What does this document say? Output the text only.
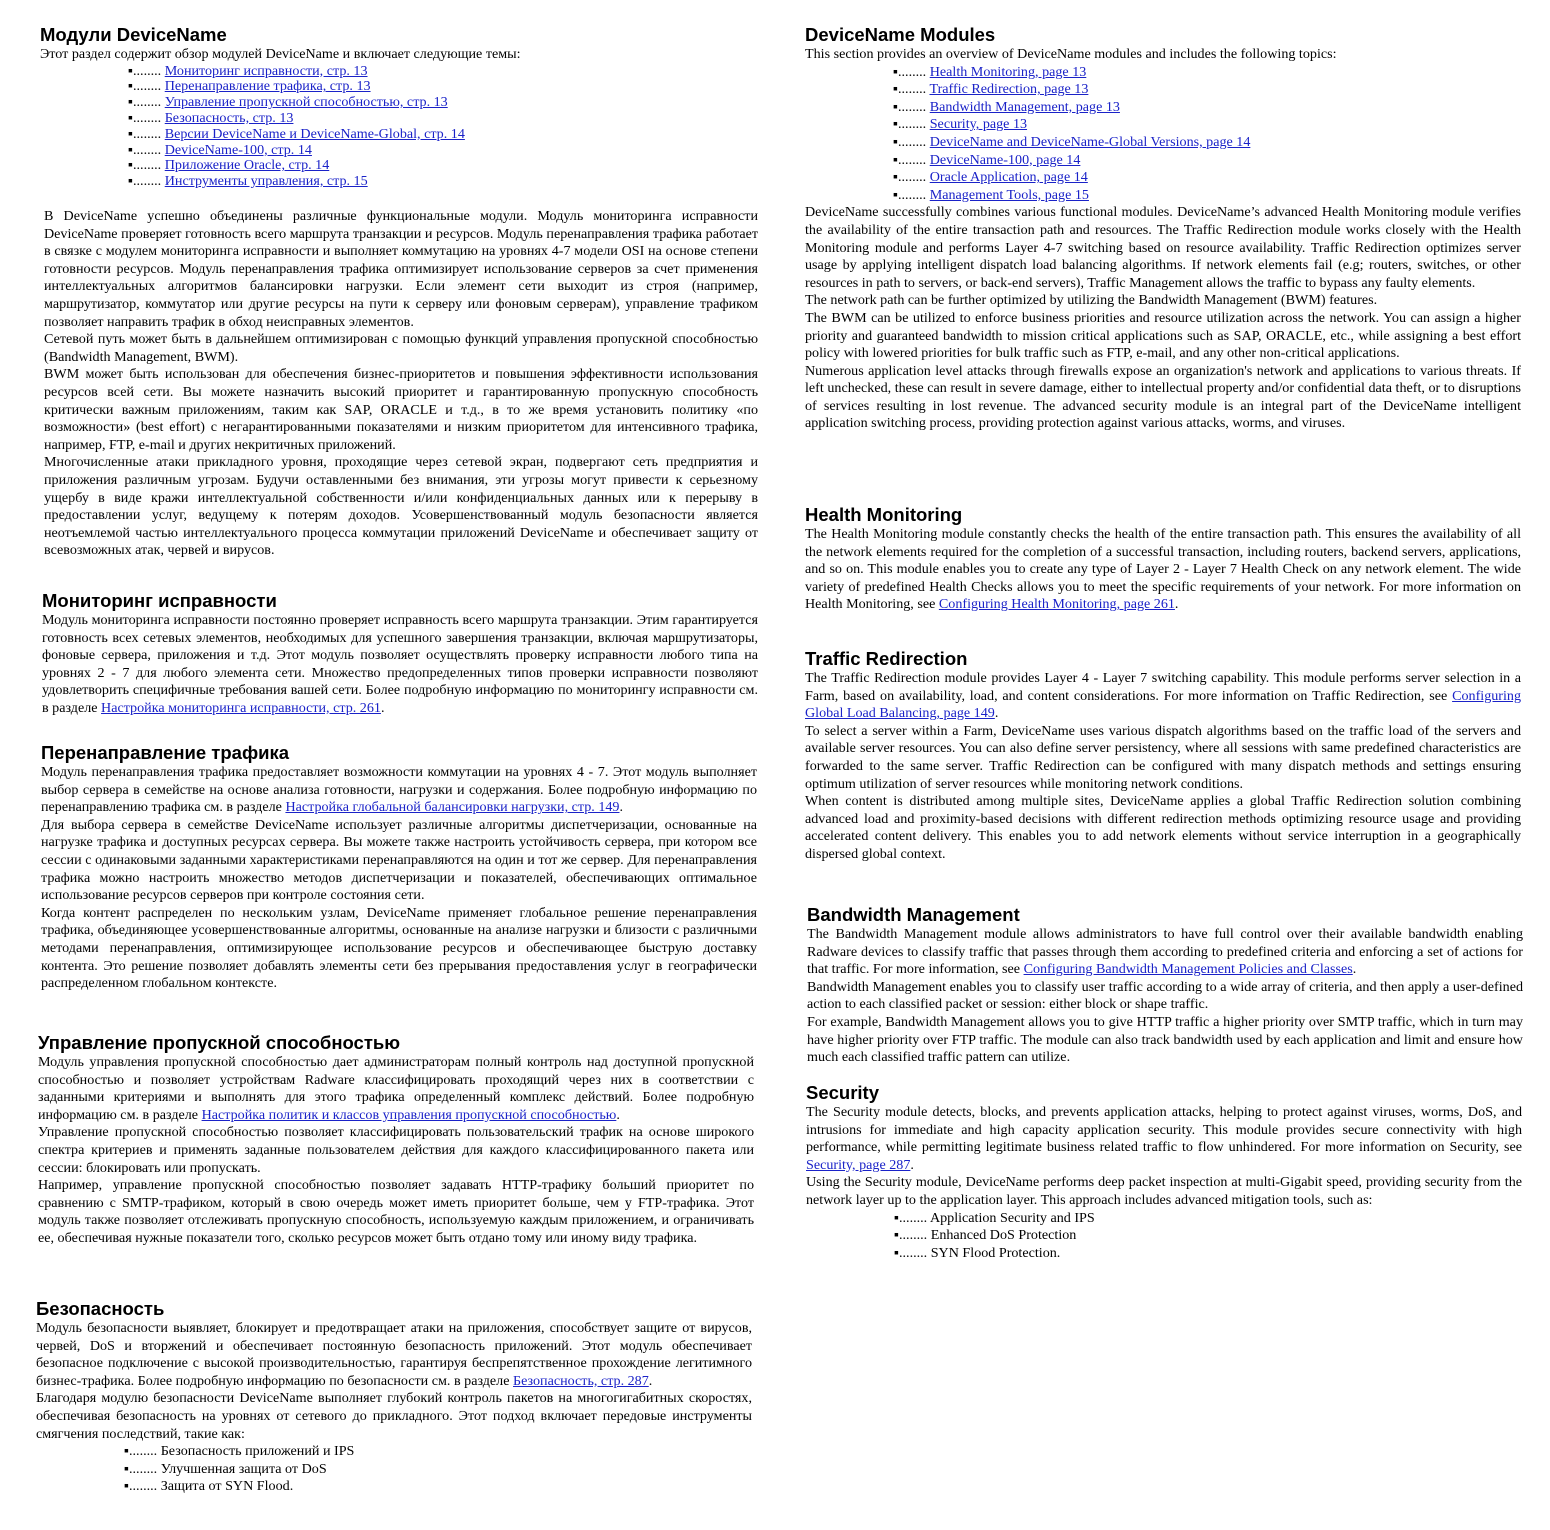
Модули DeviceName

Этот раздел содержит обзор модулей DeviceName и включает следующие темы:

▪........ Мониторинг исправности, стр. 13
▪........ Перенаправление трафика, стр. 13
▪........ Управление пропускной способностью, стр. 13
▪........ Безопасность, стр. 13
▪........ Версии DeviceName и DeviceName-Global, стр. 14
▪........ DeviceName-100, стр. 14
▪........ Приложение Oracle, стр. 14
▪........ Инструменты управления, стр. 15

В DeviceName успешно объединены различные функциональные модули. Модуль мониторинга исправности DeviceName проверяет готовность всего маршрута транзакции и ресурсов. Модуль перенаправления трафика работает в связке с модулем мониторинга исправности и выполняет коммутацию на уровнях 4-7 модели OSI на основе степени готовности ресурсов. Модуль перенаправления трафика оптимизирует использование серверов за счет применения интеллектуальных алгоритмов балансировки нагрузки. Если элемент сети выходит из строя (например, маршрутизатор, коммутатор или другие ресурсы на пути к серверу или фоновым серверам), управление трафиком позволяет направить трафик в обход неисправных элементов.

Сетевой путь может быть в дальнейшем оптимизирован с помощью функций управления пропускной способностью (Bandwidth Management, BWM).

BWM может быть использован для обеспечения бизнес-приоритетов и повышения эффективности использования ресурсов всей сети. Вы можете назначить высокий приоритет и гарантированную пропускную способность критически важным приложениям, таким как SAP, ORACLE и т.д., в то же время установить политику «по возможности» (best effort) с негарантированными показателями и низким приоритетом для интенсивного трафика, например, FTP, e-mail и других некритичных приложений.

Многочисленные атаки прикладного уровня, проходящие через сетевой экран, подвергают сеть предприятия и приложения различным угрозам. Будучи оставленными без внимания, эти угрозы могут привести к серьезному ущербу в виде кражи интеллектуальной собственности и/или конфиденциальных данных или к перерыву в предоставлении услуг, ведущему к потерям доходов. Усовершенствованный модуль безопасности является неотъемлемой частью интеллектуального процесса коммутации приложений DeviceName и обеспечивает защиту от всевозможных атак, червей и вирусов.

Мониторинг исправности

Модуль мониторинга исправности постоянно проверяет исправность всего маршрута транзакции. Этим гарантируется готовность всех сетевых элементов, необходимых для успешного завершения транзакции, включая маршрутизаторы, фоновые сервера, приложения и т.д. Этот модуль позволяет осуществлять проверку исправности любого типа на уровнях 2 - 7 для любого элемента сети. Множество предопределенных типов проверки исправности позволяют удовлетворить специфичные требования вашей сети. Более подробную информацию по мониторингу исправности см. в разделе Настройка мониторинга исправности, стр. 261.

Перенаправление трафика

Модуль перенаправления трафика предоставляет возможности коммутации на уровнях 4 - 7. Этот модуль выполняет выбор сервера в семействе на основе анализа готовности, нагрузки и содержания. Более подробную информацию по перенаправлению трафика см. в разделе Настройка глобальной балансировки нагрузки, стр. 149.

Для выбора сервера в семействе DeviceName использует различные алгоритмы диспетчеризации, основанные на нагрузке трафика и доступных ресурсах сервера. Вы можете также настроить устойчивость сервера, при котором все сессии с одинаковыми заданными характеристиками перенаправляются на один и тот же сервер. Для перенаправления трафика можно настроить множество методов диспетчеризации и показателей, обеспечивающих оптимальное использование ресурсов серверов при контроле состояния сети.

Когда контент распределен по нескольким узлам, DeviceName применяет глобальное решение перенаправления трафика, объединяющее усовершенствованные алгоритмы, основанные на анализе нагрузки и близости с различными методами перенаправления, оптимизирующее использование ресурсов и обеспечивающее быструю доставку контента. Это решение позволяет добавлять элементы сети без прерывания предоставления услуг в географически распределенном глобальном контексте.

Управление пропускной способностью

Модуль управления пропускной способностью дает администраторам полный контроль над доступной пропускной способностью и позволяет устройствам Radware классифицировать проходящий через них в соответствии с заданными критериями и выполнять для этого трафика определенный комплекс действий. Более подробную информацию см. в разделе Настройка политик и классов управления пропускной способностью.

Управление пропускной способностью позволяет классифицировать пользовательский трафик на основе широкого спектра критериев и применять заданные пользователем действия для каждого классифицированного пакета или сессии: блокировать или пропускать.

Например, управление пропускной способностью позволяет задавать HTTP-трафику больший приоритет по сравнению с SMTP-трафиком, который в свою очередь может иметь приоритет больше, чем у FTP-трафика. Этот модуль также позволяет отслеживать пропускную способность, используемую каждым приложением, и ограничивать ее, обеспечивая нужные показатели того, сколько ресурсов может быть отдано тому или иному виду трафика.

Безопасность

Модуль безопасности выявляет, блокирует и предотвращает атаки на приложения, способствует защите от вирусов, червей, DoS и вторжений и обеспечивает постоянную безопасность приложений. Этот модуль обеспечивает безопасное подключение с высокой производительностью, гарантируя беспрепятственное прохождение легитимного бизнес-трафика. Более подробную информацию по безопасности см. в разделе Безопасность, стр. 287.

Благодаря модулю безопасности DeviceName выполняет глубокий контроль пакетов на многогигабитных скоростях, обеспечивая безопасность на уровнях от сетевого до прикладного. Этот подход включает передовые инструменты смягчения последствий, такие как:

▪........ Безопасность приложений и IPS
▪........ Улучшенная защита от DoS
▪........ Защита от SYN Flood.
DeviceName Modules

This section provides an overview of DeviceName modules and includes the following topics:

▪........ Health Monitoring, page 13
▪........ Traffic Redirection, page 13
▪........ Bandwidth Management, page 13
▪........ Security, page 13
▪........ DeviceName and DeviceName-Global Versions, page 14
▪........ DeviceName-100, page 14
▪........ Oracle Application, page 14
▪........ Management Tools, page 15

DeviceName successfully combines various functional modules. DeviceName’s advanced Health Monitoring module verifies the availability of the entire transaction path and resources. The Traffic Redirection module works closely with the Health Monitoring module and performs Layer 4-7 switching based on resource availability. Traffic Redirection optimizes server usage by applying intelligent dispatch load balancing algorithms. If network elements fail (e.g; routers, switches, or other resources in path to servers, or back-end servers), Traffic Management allows the traffic to bypass any faulty elements.

The network path can be further optimized by utilizing the Bandwidth Management (BWM) features.

The BWM can be utilized to enforce business priorities and resource utilization across the network. You can assign a higher priority and guaranteed bandwidth to mission critical applications such as SAP, ORACLE, etc., while assigning a best effort policy with lowered priorities for bulk traffic such as FTP, e-mail, and any other non-critical applications.

Numerous application level attacks through firewalls expose an organization's network and applications to various threats. If left unchecked, these can result in severe damage, either to intellectual property and/or confidential data theft, or to disruptions of services resulting in lost revenue. The advanced security module is an integral part of the DeviceName intelligent application switching process, providing protection against various attacks, worms, and viruses.

Health Monitoring

The Health Monitoring module constantly checks the health of the entire transaction path. This ensures the availability of all the network elements required for the completion of a successful transaction, including routers, backend servers, applications, and so on. This module enables you to create any type of Layer 2 - Layer 7 Health Check on any network element. The wide variety of predefined Health Checks allows you to meet the specific requirements of your network. For more information on Health Monitoring, see Configuring Health Monitoring, page 261.

Traffic Redirection

The Traffic Redirection module provides Layer 4 - Layer 7 switching capability. This module performs server selection in a Farm, based on availability, load, and content considerations. For more information on Traffic Redirection, see Configuring Global Load Balancing, page 149.

To select a server within a Farm, DeviceName uses various dispatch algorithms based on the traffic load of the servers and available server resources. You can also define server persistency, where all sessions with same predefined characteristics are forwarded to the same server. Traffic Redirection can be configured with many dispatch methods and settings ensuring optimum utilization of server resources while monitoring network conditions.

When content is distributed among multiple sites, DeviceName applies a global Traffic Redirection solution combining advanced load and proximity-based decisions with different redirection methods optimizing resource usage and providing accelerated content delivery. This enables you to add network elements without service interruption in a geographically dispersed global context.

Bandwidth Management

The Bandwidth Management module allows administrators to have full control over their available bandwidth enabling Radware devices to classify traffic that passes through them according to predefined criteria and enforcing a set of actions for that traffic. For more information, see Configuring Bandwidth Management Policies and Classes.

Bandwidth Management enables you to classify user traffic according to a wide array of criteria, and then apply a user-defined action to each classified packet or session: either block or shape traffic.

For example, Bandwidth Management allows you to give HTTP traffic a higher priority over SMTP traffic, which in turn may have higher priority over FTP traffic. The module can also track bandwidth used by each application and limit and ensure how much each classified traffic pattern can utilize.

Security

The Security module detects, blocks, and prevents application attacks, helping to protect against viruses, worms, DoS, and intrusions for immediate and high capacity application security. This module provides secure connectivity with high performance, while permitting legitimate business related traffic to flow unhindered. For more information on Security, see Security, page 287.

Using the Security module, DeviceName performs deep packet inspection at multi-Gigabit speed, providing security from the network layer up to the application layer. This approach includes advanced mitigation tools, such as:

▪........ Application Security and IPS
▪........ Enhanced DoS Protection
▪........ SYN Flood Protection.
